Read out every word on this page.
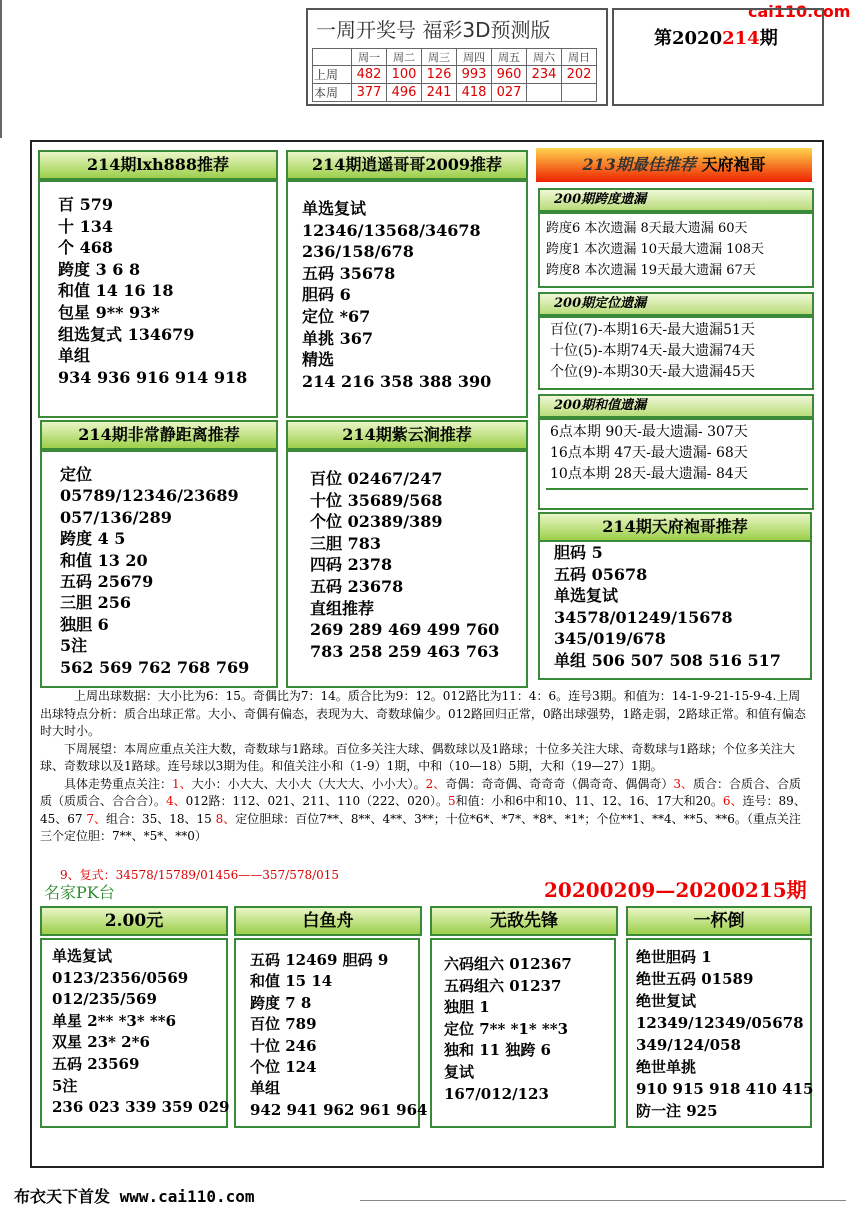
cai110.com
一周开奖号 福彩3D预测版
	周一	周二	周三	周四	周五	周六	周日
上周	482	100	126	993	960	234	202
本周	377	496	241	418	027		
第2020214期
214期lxh888推荐
百 579
十 134
个 468
跨度 3 6 8
和值 14 16 18
包星 9** 93*
组选复式 134679
单组
934 936 916 914 918
214期逍遥哥哥2009推荐
单选复试
12346/13568/34678
236/158/678
五码 35678
胆码 6
定位 *67
单挑 367
精选
214 216 358 388 390
213期最佳推荐 天府袍哥
200期跨度遗漏
跨度6 本次遗漏 8天最大遗漏 60天
跨度1 本次遗漏 10天最大遗漏 108天
跨度8 本次遗漏 19天最大遗漏 67天
200期定位遗漏
百位(7)-本期16天-最大遗漏51天
十位(5)-本期74天-最大遗漏74天
个位(9)-本期30天-最大遗漏45天
200期和值遗漏
6点本期 90天-最大遗漏- 307天
16点本期 47天-最大遗漏- 68天
10点本期 28天-最大遗漏- 84天
214期非常静距离推荐
定位
05789/12346/23689
057/136/289
跨度 4 5
和值 13 20
五码 25679
三胆 256
独胆 6
5注
562 569 762 768 769
214期紫云涧推荐
百位 02467/247
十位 35689/568
个位 02389/389
三胆 783
四码 2378
五码 23678
直组推荐
269 289 469 499 760
783 258 259 463 763
214期天府袍哥推荐
胆码 5
五码 05678
单选复试
34578/01249/15678
345/019/678
单组 506 507 508 516 517

上周出球数据：大小比为6：15。奇偶比为7：14。质合比为9：12。012路比为11：4：6。连号3期。和值为：14-1-9-21-15-9-4.上周出球特点分析：质合出球正常。大小、奇偶有偏态，表现为大、奇数球偏少。012路回归正常，0路出球强势，1路走弱，2路球正常。和值有偏态时大时小。

下周展望：本周应重点关注大数，奇数球与1路球。百位多关注大球、偶数球以及1路球；十位多关注大球、奇数球与1路球；个位多关注大球、奇数球以及1路球。连号球以3期为佳。和值关注小和（1-9）1期，中和（10—18）5期，大和（19—27）1期。

具体走势重点关注：1、大小：小大大、大小大（大大大、小小大）。2、奇偶：奇奇偶、奇奇奇（偶奇奇、偶偶奇）3、质合：合质合、合质质（质质合、合合合）。4、012路：112、021、211、110（222、020）。5和值：小和6中和10、11、12、16、17大和20。6、连号：89、45、67 7、组合：35、18、15 8、定位胆球：百位7**、8**、4**、3**；十位*6*、*7*、*8*、*1*；个位**1、**4、**5、**6。（重点关注三个定位胆：7**、*5*、**0）

9、复式：34578/15789/01456——357/578/015
名家PK台	20200209—20200215期
2.00元
单选复试
0123/2356/0569
012/235/569
单星 2** *3* **6
双星 23* 2*6
五码 23569
5注
236 023 339 359 029
白鱼舟
五码 12469 胆码 9
和值 15 14
跨度 7 8
百位 789
十位 246
个位 124
单组
942 941 962 961 964
无敌先锋
六码组六 012367
五码组六 01237
独胆 1
定位 7** *1* **3
独和 11 独跨 6
复试
167/012/123
一杯倒
绝世胆码 1
绝世五码 01589
绝世复试
12349/12349/05678
349/124/058
绝世单挑
910 915 918 410 415
防一注 925
布衣天下首发 www.cai110.com
